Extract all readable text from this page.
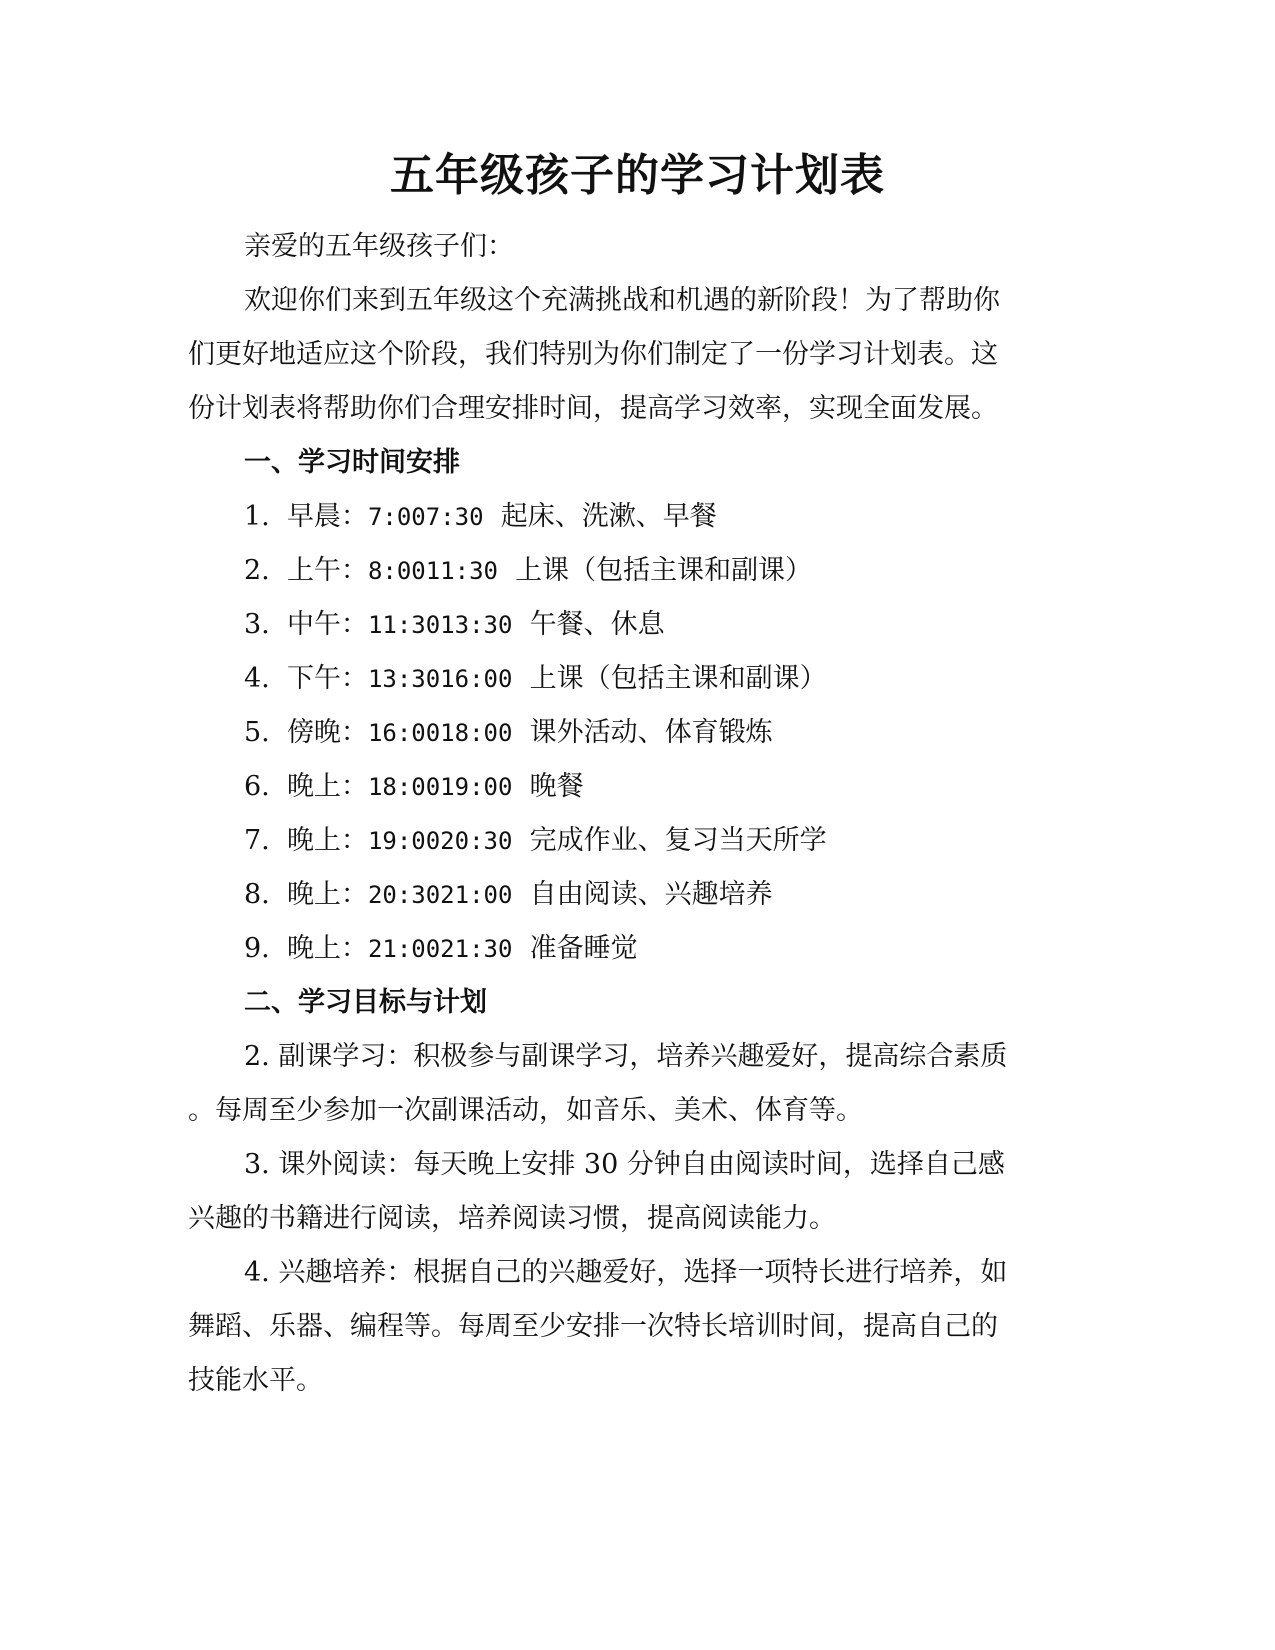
五年级孩子的学习计划表
亲爱的五年级孩子们：
欢迎你们来到五年级这个充满挑战和机遇的新阶段！为了帮助你
们更好地适应这个阶段，我们特别为你们制定了一份学习计划表。这
份计划表将帮助你们合理安排时间，提高学习效率，实现全面发展。
一、学习时间安排
1. 早晨：7:007:30 起床、洗漱、早餐
2. 上午：8:0011:30 上课（包括主课和副课）
3. 中午：11:3013:30 午餐、休息
4. 下午：13:3016:00 上课（包括主课和副课）
5. 傍晚：16:0018:00 课外活动、体育锻炼
6. 晚上：18:0019:00 晚餐
7. 晚上：19:0020:30 完成作业、复习当天所学
8. 晚上：20:3021:00 自由阅读、兴趣培养
9. 晚上：21:0021:30 准备睡觉
二、学习目标与计划
2. 副课学习：积极参与副课学习，培养兴趣爱好，提高综合素质
。每周至少参加一次副课活动，如音乐、美术、体育等。
3. 课外阅读：每天晚上安排 30 分钟自由阅读时间，选择自己感
兴趣的书籍进行阅读，培养阅读习惯，提高阅读能力。
4. 兴趣培养：根据自己的兴趣爱好，选择一项特长进行培养，如
舞蹈、乐器、编程等。每周至少安排一次特长培训时间，提高自己的
技能水平。
